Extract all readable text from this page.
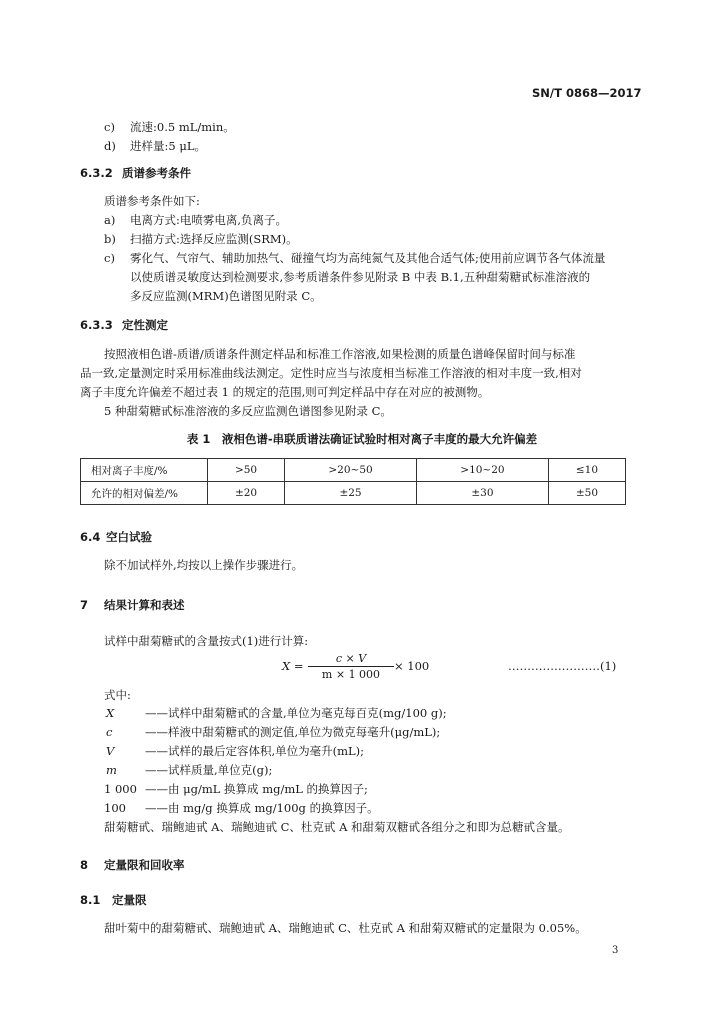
SN/T 0868—2017
c) 流速:0.5 mL/min。
d) 进样量:5 μL。
6.3.2 质谱参考条件
质谱参考条件如下:
a) 电离方式:电喷雾电离,负离子。
b) 扫描方式:选择反应监测(SRM)。
c) 雾化气、气帘气、辅助加热气、碰撞气均为高纯氮气及其他合适气体;使用前应调节各气体流量
以使质谱灵敏度达到检测要求,参考质谱条件参见附录 B 中表 B.1,五种甜菊糖甙标准溶液的
多反应监测(MRM)色谱图见附录 C。
6.3.3 定性测定
按照液相色谱-质谱/质谱条件测定样品和标准工作溶液,如果检测的质量色谱峰保留时间与标准
品一致,定量测定时采用标准曲线法测定。定性时应当与浓度相当标准工作溶液的相对丰度一致,相对
离子丰度允许偏差不超过表 1 的规定的范围,则可判定样品中存在对应的被测物。
5 种甜菊糖甙标准溶液的多反应监测色谱图参见附录 C。
表 1　液相色谱-串联质谱法确证试验时相对离子丰度的最大允许偏差
相对离子丰度/%	>50	>20~50	>10~20	≤10
允许的相对偏差/%	±20	±25	±30	±50
6.4 空白试验
除不加试样外,均按以上操作步骤进行。
7 结果计算和表述
试样中甜菊糖甙的含量按式(1)进行计算:
X =
c × V
m × 1 000
× 100	……………………(1)
式中:
X	——试样中甜菊糖甙的含量,单位为毫克每百克(mg/100 g);
c	——样液中甜菊糖甙的测定值,单位为微克每毫升(μg/mL);
V	——试样的最后定容体积,单位为毫升(mL);
m ——试样质量,单位克(g);
1 000 ——由 μg/mL 换算成 mg/mL 的换算因子;
100 ——由 mg/g 换算成 mg/100g 的换算因子。
甜菊糖甙、瑞鲍迪甙 A、瑞鲍迪甙 C、杜克甙 A 和甜菊双糖甙各组分之和即为总糖甙含量。
8 定量限和回收率
8.1 定量限
甜叶菊中的甜菊糖甙、瑞鲍迪甙 A、瑞鲍迪甙 C、杜克甙 A 和甜菊双糖甙的定量限为 0.05%。
3
